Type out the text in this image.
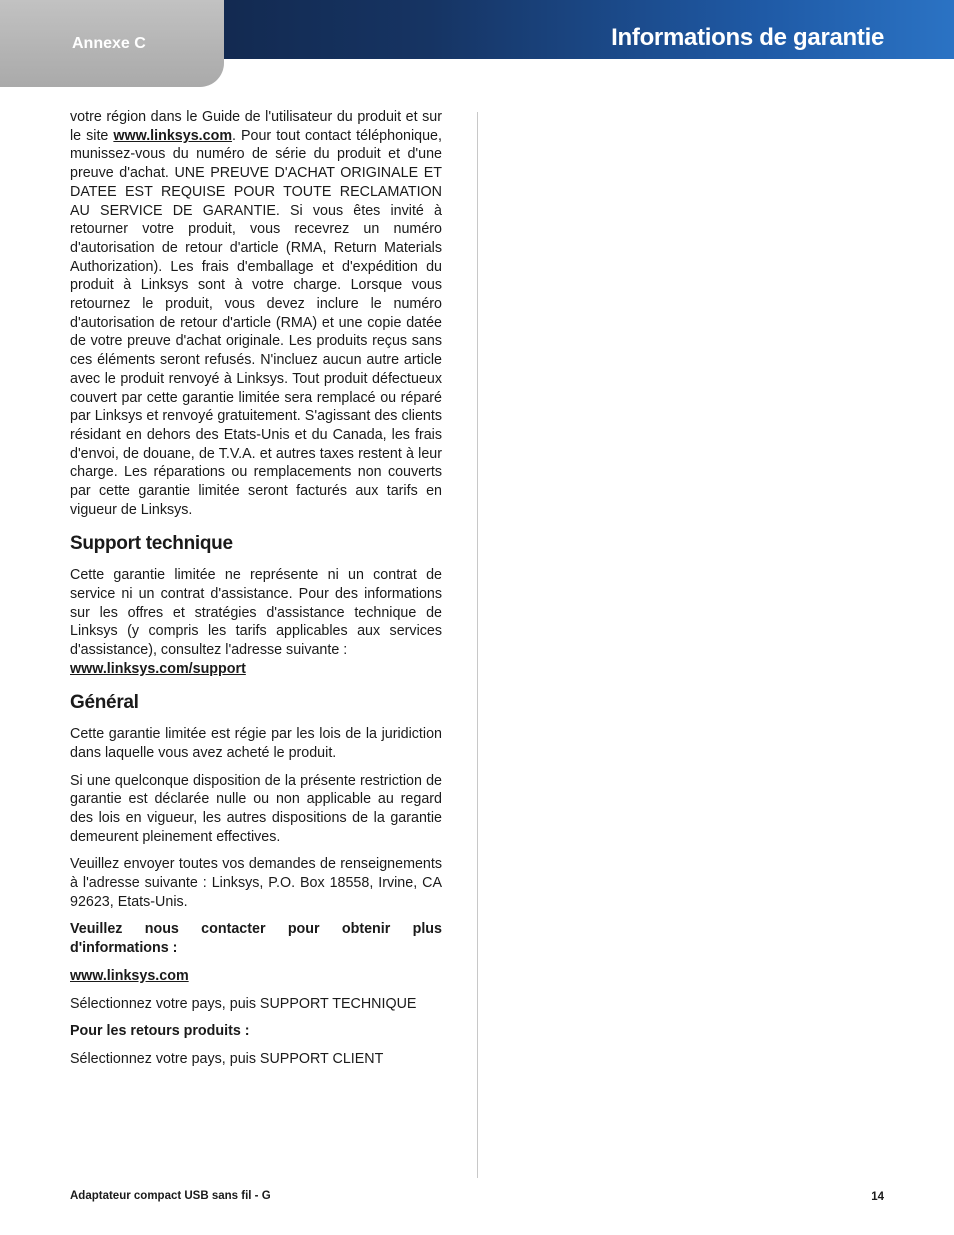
Annexe C	Informations de garantie

votre région dans le Guide de l'utilisateur du produit et sur le site www.linksys.com. Pour tout contact téléphonique, munissez-vous du numéro de série du produit et d'une preuve d'achat. UNE PREUVE D'ACHAT ORIGINALE ET DATEE EST REQUISE POUR TOUTE RECLAMATION AU SERVICE DE GARANTIE. Si vous êtes invité à retourner votre produit, vous recevrez un numéro d'autorisation de retour d'article (RMA, Return Materials Authorization). Les frais d'emballage et d'expédition du produit à Linksys sont à votre charge. Lorsque vous retournez le produit, vous devez inclure le numéro d'autorisation de retour d'article (RMA) et une copie datée de votre preuve d'achat originale. Les produits reçus sans ces éléments seront refusés. N'incluez aucun autre article avec le produit renvoyé à Linksys. Tout produit défectueux couvert par cette garantie limitée sera remplacé ou réparé par Linksys et renvoyé gratuitement. S'agissant des clients résidant en dehors des Etats-Unis et du Canada, les frais d'envoi, de douane, de T.V.A. et autres taxes restent à leur charge. Les réparations ou remplacements non couverts par cette garantie limitée seront facturés aux tarifs en vigueur de Linksys.

Support technique

Cette garantie limitée ne représente ni un contrat de service ni un contrat d'assistance. Pour des informations sur les offres et stratégies d'assistance technique de Linksys (y compris les tarifs applicables aux services d'assistance), consultez l'adresse suivante :
www.linksys.com/support

Général

Cette garantie limitée est régie par les lois de la juridiction dans laquelle vous avez acheté le produit.

Si une quelconque disposition de la présente restriction de garantie est déclarée nulle ou non applicable au regard des lois en vigueur, les autres dispositions de la garantie demeurent pleinement effectives.

Veuillez envoyer toutes vos demandes de renseignements à l'adresse suivante : Linksys, P.O. Box 18558, Irvine, CA 92623, Etats-Unis.

Veuillez nous contacter pour obtenir plus d'informations :

www.linksys.com

Sélectionnez votre pays, puis SUPPORT TECHNIQUE

Pour les retours produits :

Sélectionnez votre pays, puis SUPPORT CLIENT

Adaptateur compact USB sans fil - G	14
